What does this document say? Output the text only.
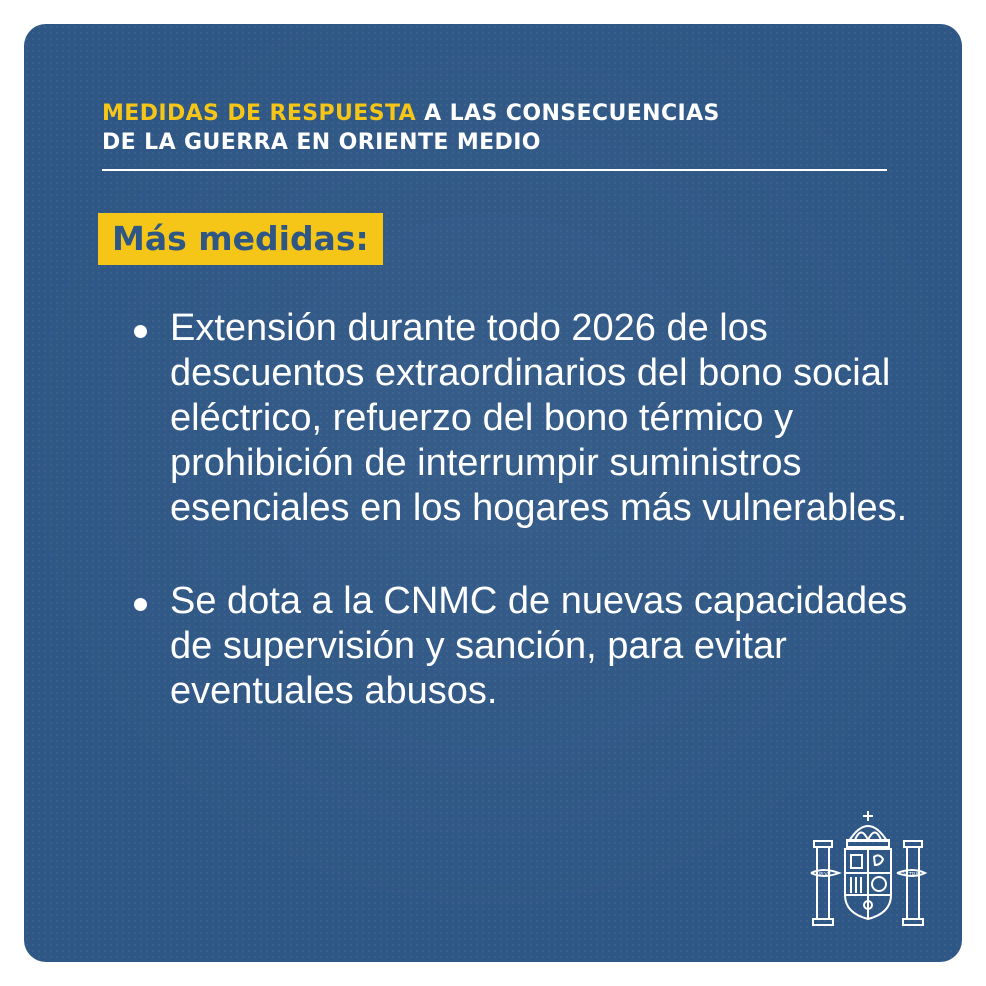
MEDIDAS DE RESPUESTA A LAS CONSECUENCIAS
DE LA GUERRA EN ORIENTE MEDIO
Más medidas:
Extensión durante todo 2026 de los descuentos extraordinarios del bono social eléctrico, refuerzo del bono térmico y prohibición de interrumpir suministros esenciales en los hogares más vulnerables.
Se dota a la CNMC de nuevas capacidades de supervisión y sanción, para evitar eventuales abusos.
PLVS	VLTRA
